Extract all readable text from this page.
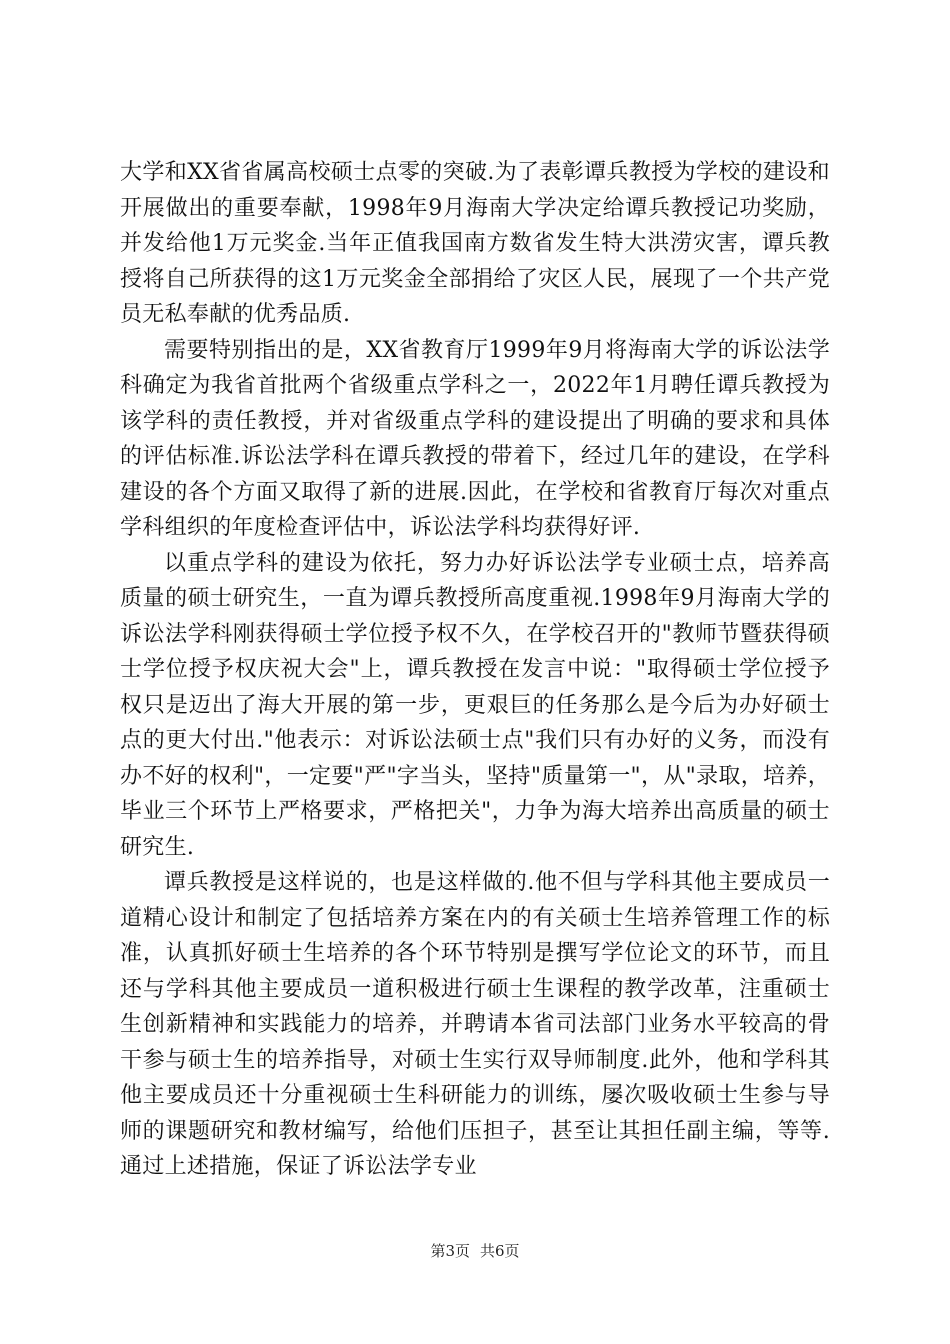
大学和XX省省属高校硕士点零的突破.为了表彰谭兵教授为学校的建设和开展做出的重要奉献，1998年9月海南大学决定给谭兵教授记功奖励，并发给他1万元奖金.当年正值我国南方数省发生特大洪涝灾害，谭兵教授将自己所获得的这1万元奖金全部捐给了灾区人民，展现了一个共产党员无私奉献的优秀品质.

需要特别指出的是，XX省教育厅1999年9月将海南大学的诉讼法学科确定为我省首批两个省级重点学科之一，2022年1月聘任谭兵教授为该学科的责任教授，并对省级重点学科的建设提出了明确的要求和具体的评估标准.诉讼法学科在谭兵教授的带着下，经过几年的建设，在学科建设的各个方面又取得了新的进展.因此，在学校和省教育厅每次对重点学科组织的年度检查评估中，诉讼法学科均获得好评.

以重点学科的建设为依托，努力办好诉讼法学专业硕士点，培养高质量的硕士研究生，一直为谭兵教授所高度重视.1998年9月海南大学的诉讼法学科刚获得硕士学位授予权不久，在学校召开的"教师节暨获得硕士学位授予权庆祝大会"上，谭兵教授在发言中说："取得硕士学位授予权只是迈出了海大开展的第一步，更艰巨的任务那么是今后为办好硕士点的更大付出."他表示：对诉讼法硕士点"我们只有办好的义务，而没有办不好的权利"，一定要"严"字当头，坚持"质量第一"，从"录取，培养，毕业三个环节上严格要求，严格把关"，力争为海大培养出高质量的硕士研究生.

谭兵教授是这样说的，也是这样做的.他不但与学科其他主要成员一道精心设计和制定了包括培养方案在内的有关硕士生培养管理工作的标准，认真抓好硕士生培养的各个环节特别是撰写学位论文的环节，而且还与学科其他主要成员一道积极进行硕士生课程的教学改革，注重硕士生创新精神和实践能力的培养，并聘请本省司法部门业务水平较高的骨干参与硕士生的培养指导，对硕士生实行双导师制度.此外，他和学科其他主要成员还十分重视硕士生科研能力的训练，屡次吸收硕士生参与导师的课题研究和教材编写，给他们压担子，甚至让其担任副主编，等等.通过上述措施，保证了诉讼法学专业

第3页 共6页
